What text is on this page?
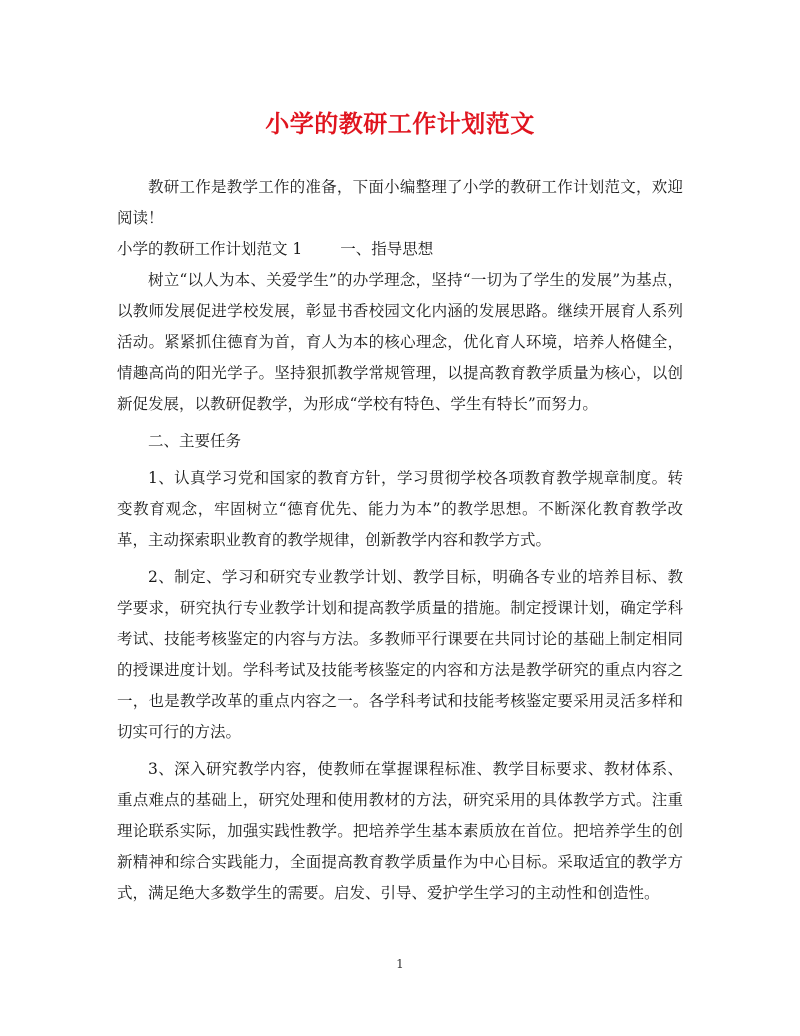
小学的教研工作计划范文

教研工作是教学工作的准备，下面小编整理了小学的教研工作计划范文，欢迎阅读！

小学的教研工作计划范文 1 一、指导思想

树立“以人为本、关爱学生”的办学理念，坚持“一切为了学生的发展”为基点，以教师发展促进学校发展，彰显书香校园文化内涵的发展思路。继续开展育人系列活动。紧紧抓住德育为首，育人为本的核心理念，优化育人环境，培养人格健全，情趣高尚的阳光学子。坚持狠抓教学常规管理，以提高教育教学质量为核心，以创新促发展，以教研促教学，为形成“学校有特色、学生有特长”而努力。

二、主要任务

1、认真学习党和国家的教育方针，学习贯彻学校各项教育教学规章制度。转变教育观念，牢固树立“德育优先、能力为本”的教学思想。不断深化教育教学改革，主动探索职业教育的教学规律，创新教学内容和教学方式。

2、制定、学习和研究专业教学计划、教学目标，明确各专业的培养目标、教学要求，研究执行专业教学计划和提高教学质量的措施。制定授课计划，确定学科考试、技能考核鉴定的内容与方法。多教师平行课要在共同讨论的基础上制定相同的授课进度计划。学科考试及技能考核鉴定的内容和方法是教学研究的重点内容之一，也是教学改革的重点内容之一。各学科考试和技能考核鉴定要采用灵活多样和切实可行的方法。

3、深入研究教学内容，使教师在掌握课程标准、教学目标要求、教材体系、重点难点的基础上，研究处理和使用教材的方法，研究采用的具体教学方式。注重理论联系实际，加强实践性教学。把培养学生基本素质放在首位。把培养学生的创新精神和综合实践能力，全面提高教育教学质量作为中心目标。采取适宜的教学方式，满足绝大多数学生的需要。启发、引导、爱护学生学习的主动性和创造性。

1
